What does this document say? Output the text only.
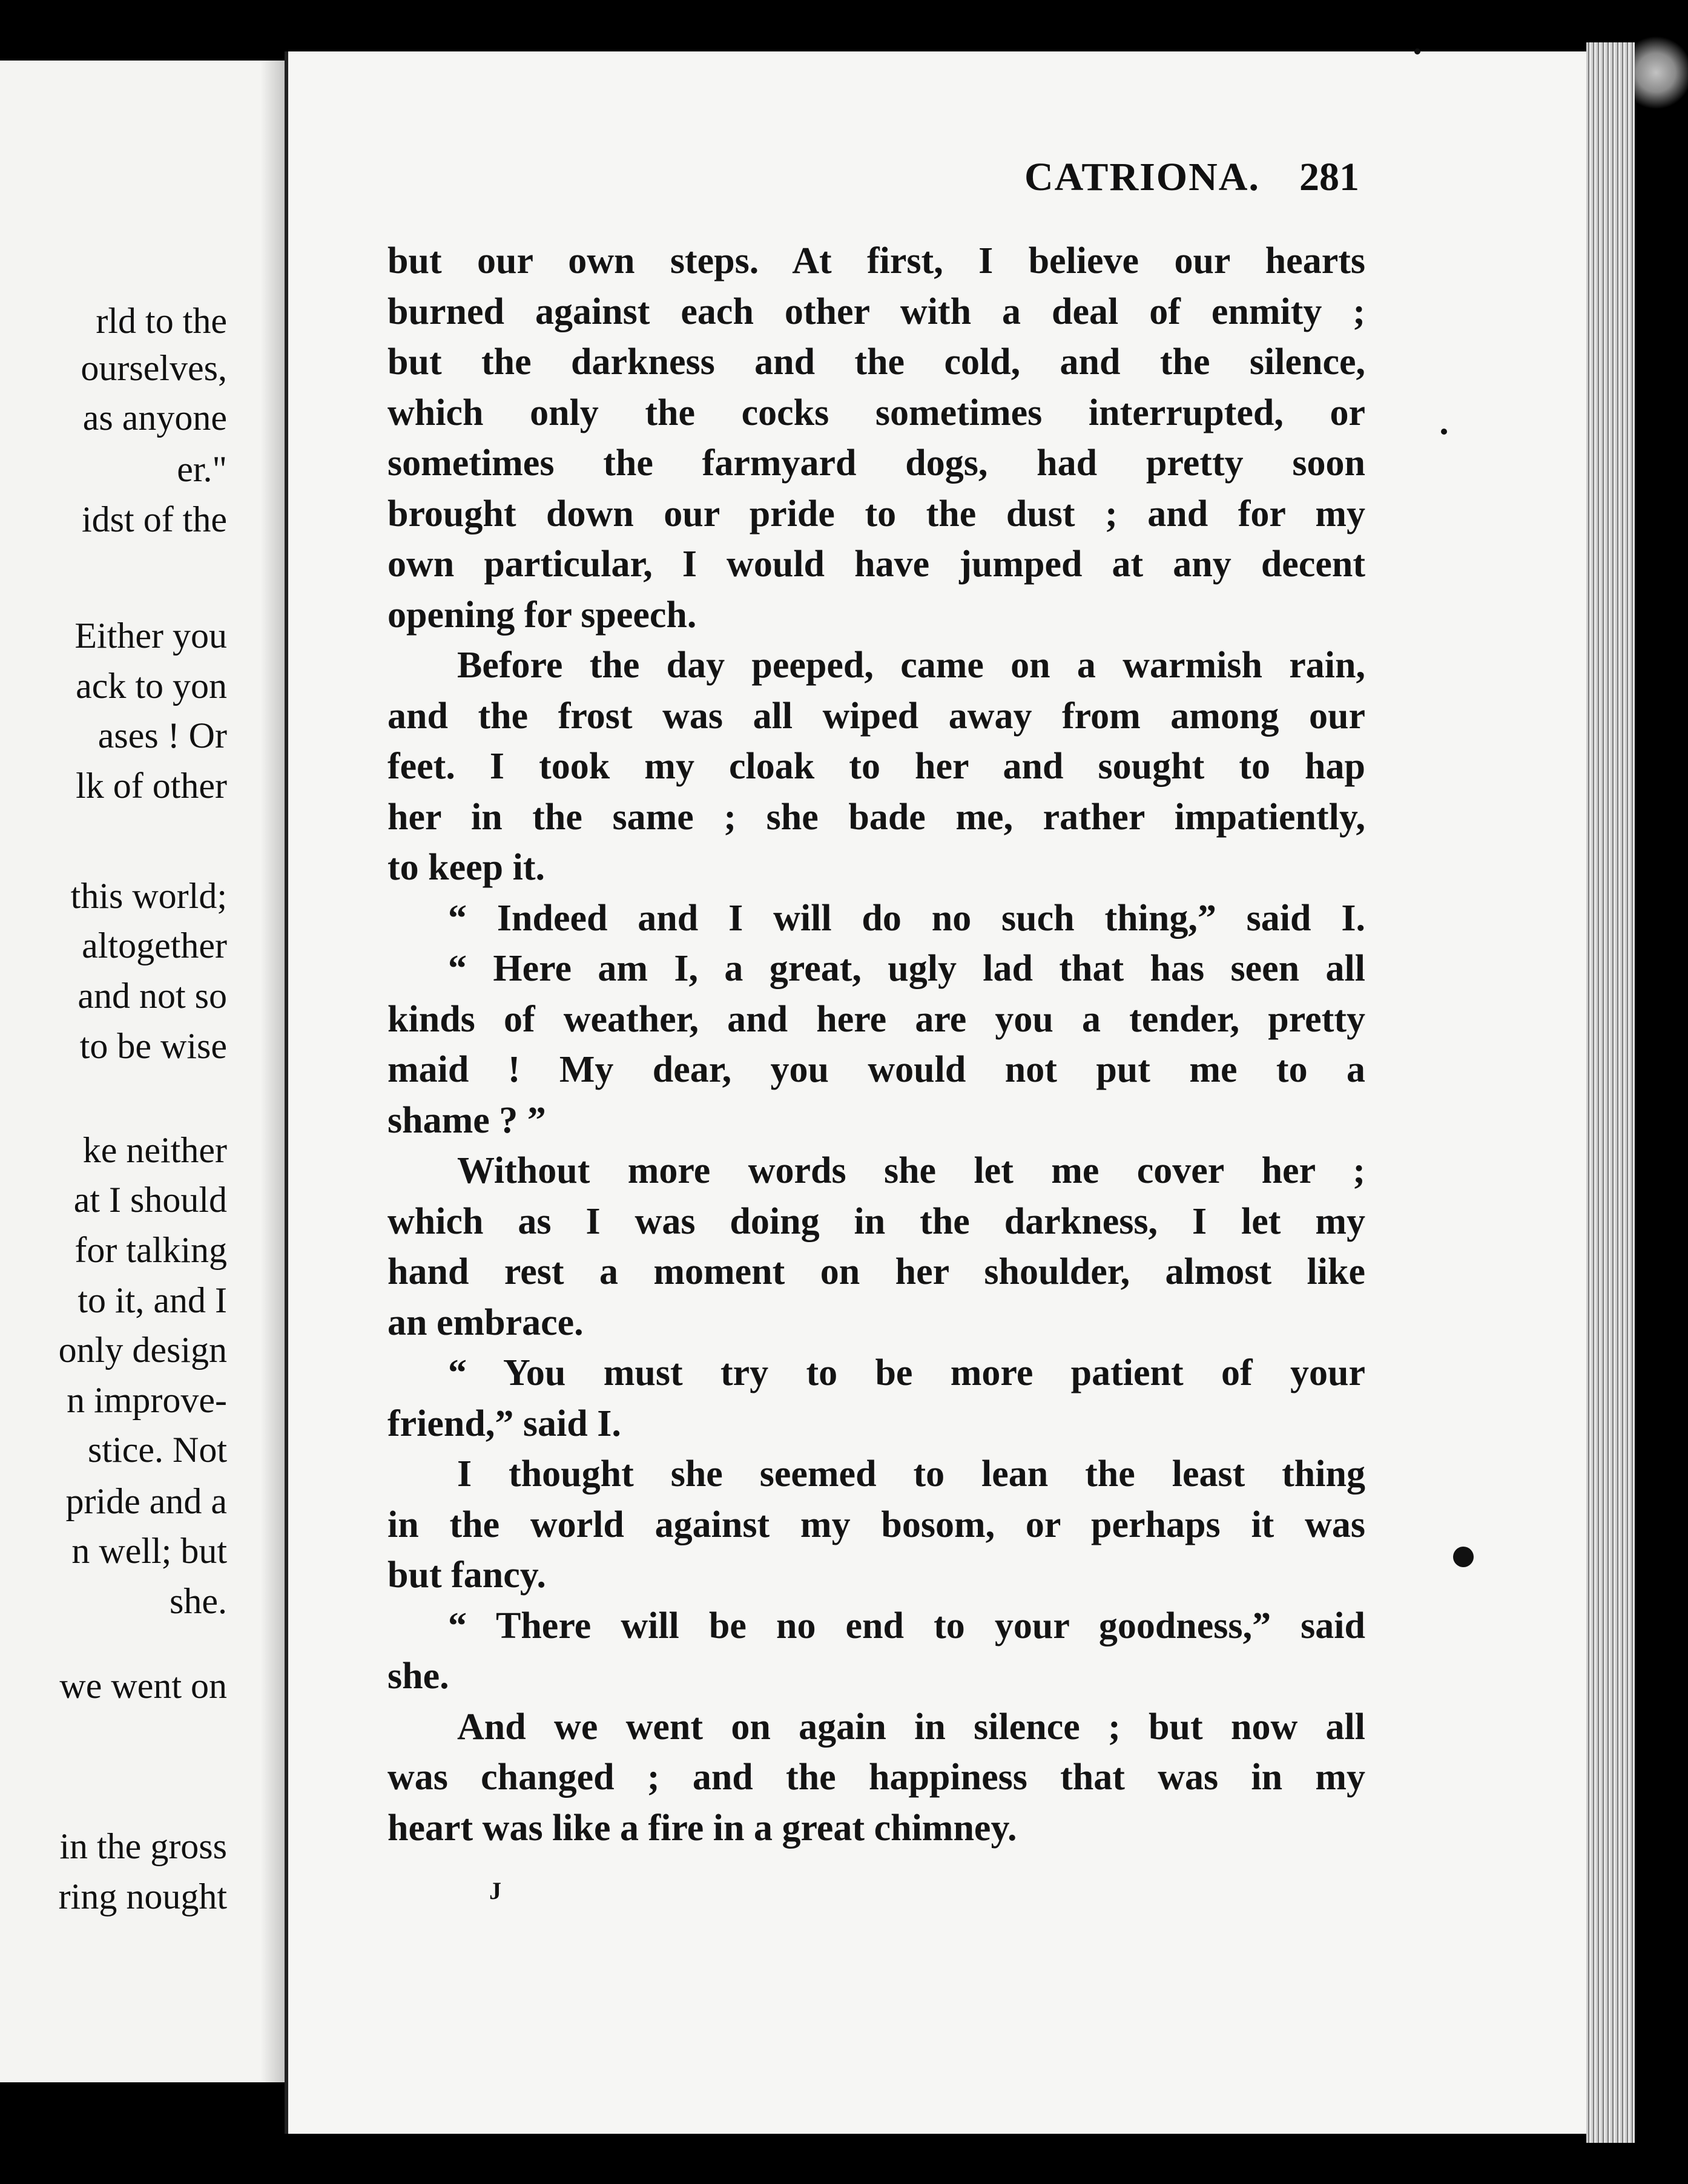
rld to the
ourselves,
as anyone
er."
idst of the
Either you
ack to yon
ases ! Or
lk of other
this world;
altogether
and not so
to be wise
ke neither
at I should
for talking
to it, and I
only design
n improve-
stice. Not
pride and a
n well; but
she.
we went on
in the gross
ring nought
CATRIONA. 281
but our own steps. At first, I believe our hearts
burned against each other with a deal of enmity ;
but the darkness and the cold, and the silence,
which only the cocks sometimes interrupted, or
sometimes the farmyard dogs, had pretty soon
brought down our pride to the dust ; and for my
own particular, I would have jumped at any decent
opening for speech.
Before the day peeped, came on a warmish rain,
and the frost was all wiped away from among our
feet. I took my cloak to her and sought to hap
her in the same ; she bade me, rather impatiently,
to keep it.
“ Indeed and I will do no such thing,” said I.
“ Here am I, a great, ugly lad that has seen all
kinds of weather, and here are you a tender, pretty
maid ! My dear, you would not put me to a
shame ? ”
Without more words she let me cover her ;
which as I was doing in the darkness, I let my
hand rest a moment on her shoulder, almost like
an embrace.
“ You must try to be more patient of your
friend,” said I.
I thought she seemed to lean the least thing
in the world against my bosom, or perhaps it was
but fancy.
“ There will be no end to your goodness,” said
she.
And we went on again in silence ; but now all
was changed ; and the happiness that was in my
heart was like a fire in a great chimney.
J
